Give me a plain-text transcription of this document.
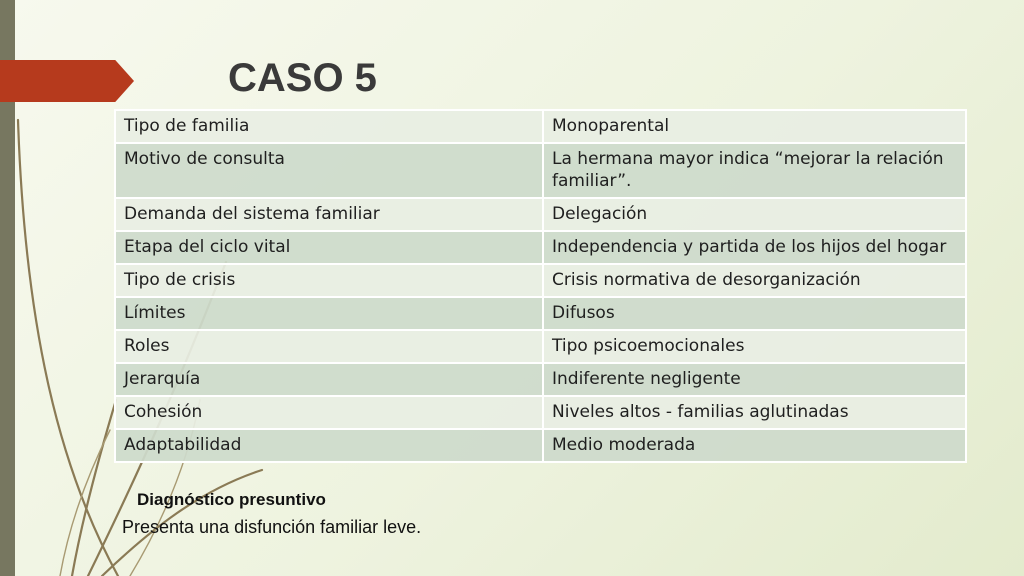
CASO 5
Tipo de familia	Monoparental
Motivo de consulta	La hermana mayor indica “mejorar la relación familiar”.
Demanda del sistema familiar	Delegación
Etapa del ciclo vital	Independencia y partida de los hijos del hogar
Tipo de crisis	Crisis normativa de desorganización
Límites	Difusos
Roles	Tipo psicoemocionales
Jerarquía	Indiferente negligente
Cohesión	Niveles altos - familias aglutinadas
Adaptabilidad	Medio moderada
Diagnóstico presuntivo
Presenta una disfunción familiar leve.
